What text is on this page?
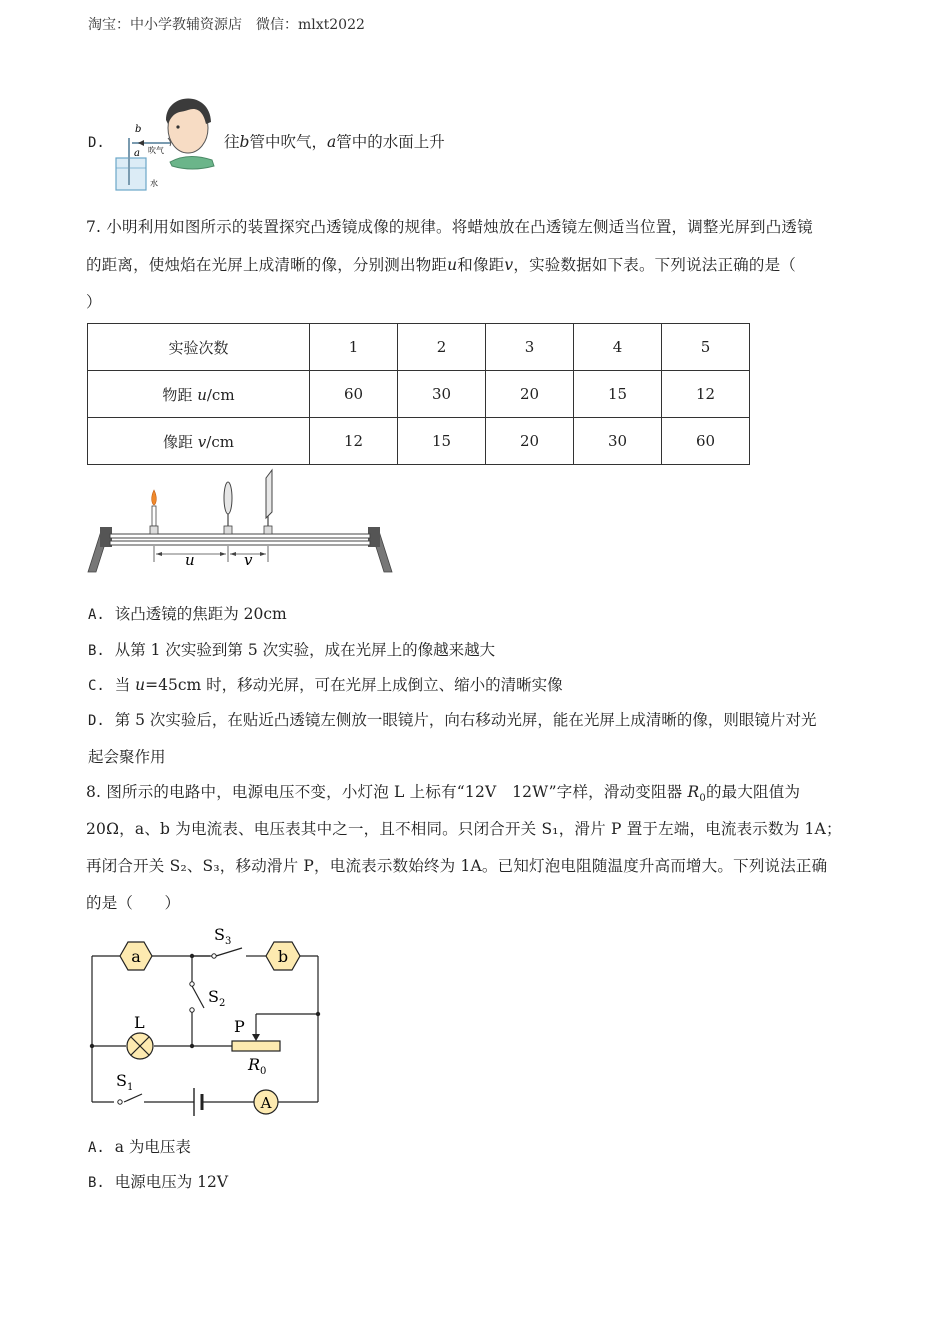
淘宝：中小学教辅资源店　微信：mlxt2022
D.
b
a 吹气
水
往b管中吹气，a管中的水面上升
7. 小明利用如图所示的装置探究凸透镜成像的规律。将蜡烛放在凸透镜左侧适当位置，调整光屏到凸透镜
的距离，使烛焰在光屏上成清晰的像，分别测出物距u和像距v，实验数据如下表。下列说法正确的是（
）
实验次数	1	2	3	4	5
物距 u/cm	60	30	20	15	12
像距 v/cm	12	15	20	30	60
u	v
A. 该凸透镜的焦距为 20cm
B. 从第 1 次实验到第 5 次实验，成在光屏上的像越来越大
C. 当 u=45cm 时，移动光屏，可在光屏上成倒立、缩小的清晰实像
D. 第 5 次实验后，在贴近凸透镜左侧放一眼镜片，向右移动光屏，能在光屏上成清晰的像，则眼镜片对光
起会聚作用
8. 图所示的电路中，电源电压不变，小灯泡 L 上标有“12V　12W”字样，滑动变阻器 $R_0$的最大阻值为
20Ω，a、b 为电流表、电压表其中之一，且不相同。只闭合开关 S₁，滑片 P 置于左端，电流表示数为 1A；
再闭合开关 S₂、S₃，移动滑片 P，电流表示数始终为 1A。已知灯泡电阻随温度升高而增大。下列说法正确
的是（　　）
a	b
$S_3$
$S_2$
L	P
$R_0$
$S_1$
A
A. a 为电压表
B. 电源电压为 12V
